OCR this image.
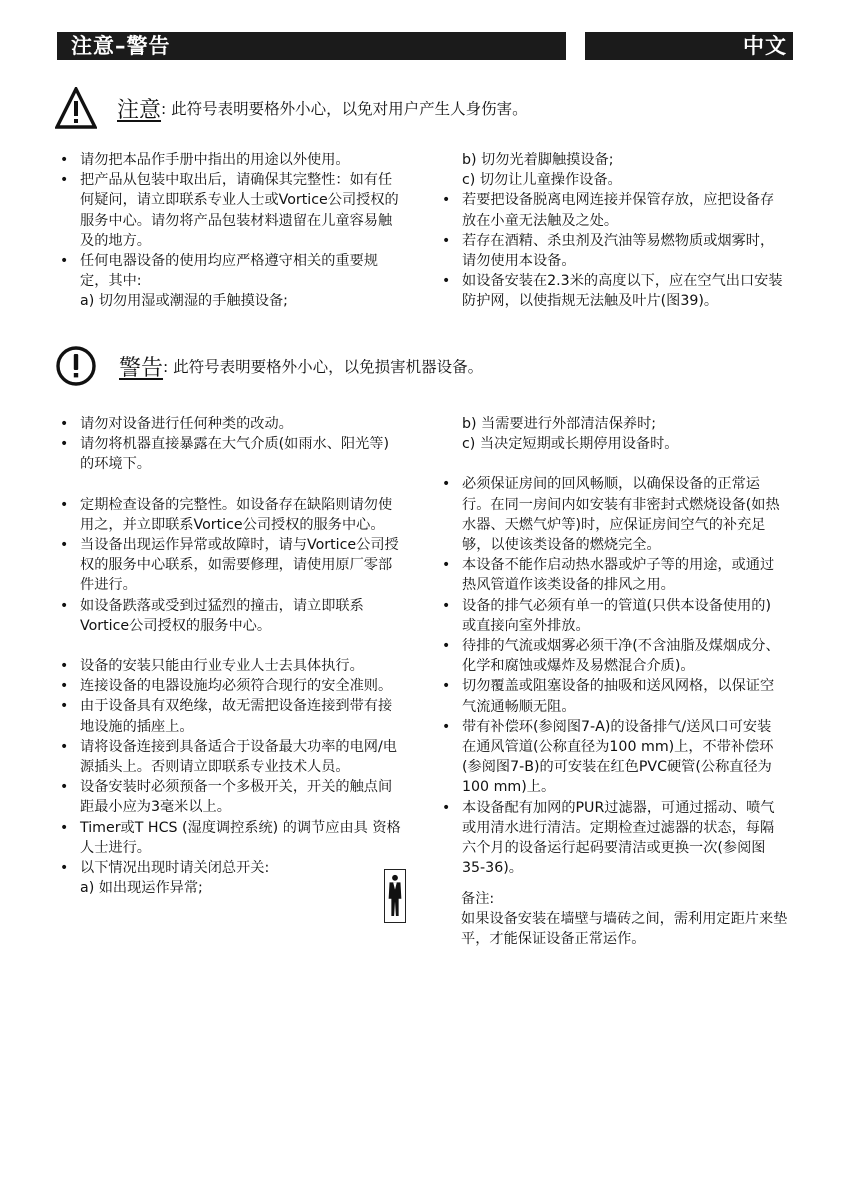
注意–警告	中文
注意 : 此符号表明要格外小心，以免对用户产生人身伤害。
• 请勿把本品作手册中指出的用途以外使用。
• 把产品从包装中取出后，请确保其完整性：如有任何疑问，请立即联系专业人士或Vortice公司授权的服务中心。请勿将产品包装材料遗留在儿童容易触及的地方。
• 任何电器设备的使用均应严格遵守相关的重要规定，其中:
a) 切勿用湿或潮湿的手触摸设备;
b) 切勿光着脚触摸设备;
c) 切勿让儿童操作设备。
• 若要把设备脱离电网连接并保管存放，应把设备存放在小童无法触及之处。
• 若存在酒精、杀虫剂及汽油等易燃物质或烟雾时，请勿使用本设备。
• 如设备安装在2.3米的高度以下，应在空气出口安装防护网，以使指规无法触及叶片(图39)。
警告 : 此符号表明要格外小心，以免损害机器设备。
• 请勿对设备进行任何种类的改动。
• 请勿将机器直接暴露在大气介质(如雨水、阳光等)的环境下。
• 定期检查设备的完整性。如设备存在缺陷则请勿使用之，并立即联系Vortice公司授权的服务中心。
• 当设备出现运作异常或故障时，请与Vortice公司授权的服务中心联系，如需要修理，请使用原厂零部件进行。
• 如设备跌落或受到过猛烈的撞击，请立即联系Vortice公司授权的服务中心。
• 设备的安装只能由行业专业人士去具体执行。
• 连接设备的电器设施均必须符合现行的安全准则。
• 由于设备具有双绝缘，故无需把设备连接到带有接地设施的插座上。
• 请将设备连接到具备适合于设备最大功率的电网/电源插头上。否则请立即联系专业技术人员。
• 设备安装时必须预备一个多极开关，开关的触点间距最小应为3毫米以上。
• Timer或T HCS (湿度调控系统) 的调节应由具 资格人士进行。
• 以下情况出现时请关闭总开关:
a) 如出现运作异常;
b) 当需要进行外部清洁保养时;
c) 当决定短期或长期停用设备时。
• 必须保证房间的回风畅顺，以确保设备的正常运行。在同一房间内如安装有非密封式燃烧设备(如热水器、天燃气炉等)时，应保证房间空气的补充足够，以使该类设备的燃烧完全。
• 本设备不能作启动热水器或炉子等的用途，或通过热风管道作该类设备的排风之用。
• 设备的排气必须有单一的管道(只供本设备使用的)或直接向室外排放。
• 待排的气流或烟雾必须干净(不含油脂及煤烟成分、化学和腐蚀或爆炸及易燃混合介质)。
• 切勿覆盖或阻塞设备的抽吸和送风网格，以保证空气流通畅顺无阻。
• 带有补偿环(参阅图7-A)的设备排气/送风口可安装在通风管道(公称直径为100 mm)上，不带补偿环(参阅图7-B)的可安装在红色PVC硬管(公称直径为100 mm)上。
• 本设备配有加网的PUR过滤器，可通过摇动、喷气或用清水进行清洁。定期检查过滤器的状态，每隔六个月的设备运行起码要清洁或更换一次(参阅图35-36)。
备注:
如果设备安装在墙壁与墙砖之间，需利用定距片来垫平，才能保证设备正常运作。
